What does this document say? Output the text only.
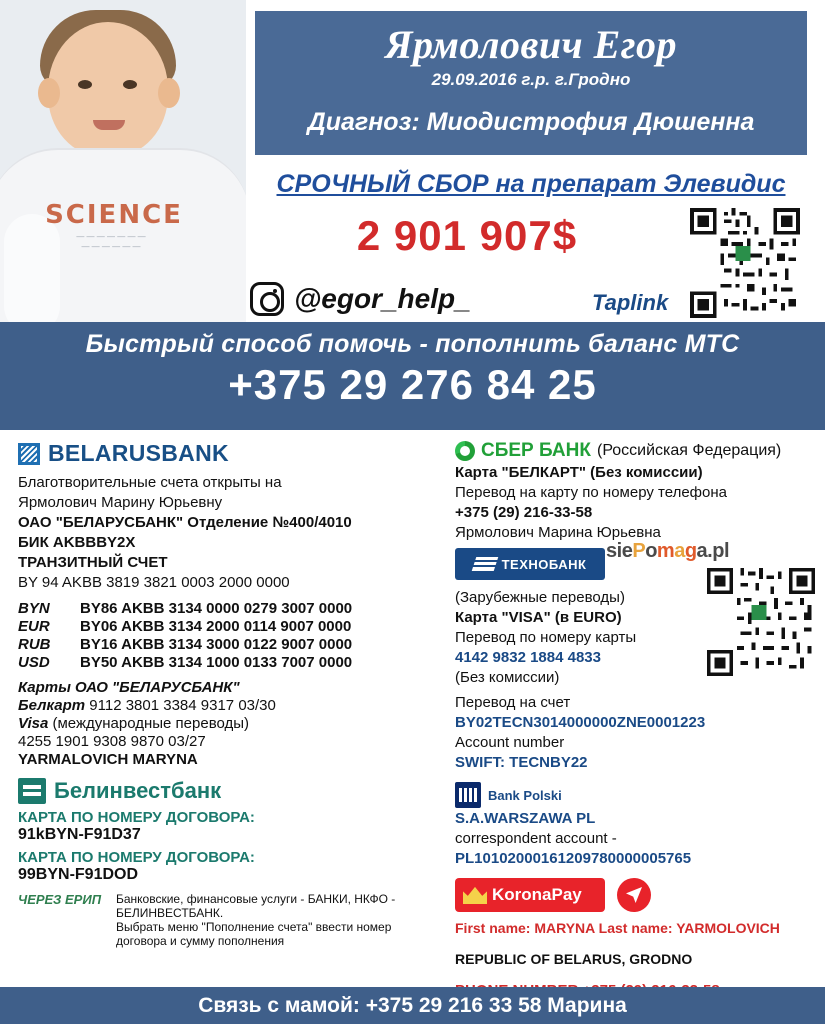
SCIENCE
— — — — — — —
— — — — — —
Ярмолович Егор
29.09.2016 г.р. г.Гродно
Диагноз: Миодистрофия Дюшенна
СРОЧНЫЙ СБОР на препарат Элевидис
2 901 907$
@egor_help_	Taplink
Быстрый способ помочь - пополнить баланс МТС
+375 29 276 84 25
BELARUSBANK

Благотворительные счета открыты на

Ярмолович Марину Юрьевну

ОАО "БЕЛАРУСБАНК" Отделение №400/4010

БИК AKBBBY2X

ТРАНЗИТНЫЙ СЧЕТ

BY 94 AKBB 3819 3821 0003 2000 0000

BYN	BY86 AKBB 3134 0000 0279 3007 0000
EUR	BY06 AKBB 3134 2000 0114 9007 0000
RUB	BY16 AKBB 3134 3000 0122 9007 0000
USD	BY50 AKBB 3134 1000 0133 7007 0000
Карты ОАО "БЕЛАРУСБАНК"
Белкарт 9112 3801 3384 9317 03/30
Visa (международные переводы)
4255 1901 9308 9870 03/27
YARMALOVICH MARYNA
Белинвестбанк
КАРТА ПО НОМЕРУ ДОГОВОРА:
91kBYN-F91D37
КАРТА ПО НОМЕРУ ДОГОВОРА:
99BYN-F91DOD
ЧЕРЕЗ ЕРИП	Банковские, финансовые услуги - БАНКИ, НКФО -
БЕЛИНВЕСТБАНК.
Выбрать меню "Пополнение счета" ввести номер
договора и сумму пополнения
СБЕР БАНК (Российская Федерация)

Карта "БЕЛКАРТ" (Без комиссии)

Перевод на карту по номеру телефона

+375 (29) 216-33-58

Ярмолович Марина Юрьевна

ТЕХНОБАНК
siePomaga.pl

(Зарубежные переводы)

Карта "VISA" (в EURO)

Перевод по номеру карты

4142 9832 1884 4833

(Без комиссии)

Перевод на счет

BY02TECN3014000000ZNE0001223

Account number

SWIFT: TECNBY22

Bank Polski

S.A.WARSZAWA PL

correspondent account -

PL10102000161209780000005765

KoronaPay

First name: MARYNA Last name: YARMOLOVICH

REPUBLIC OF BELARUS, GRODNO

Связь с мамой: +375 29 216 33 58 Марина
